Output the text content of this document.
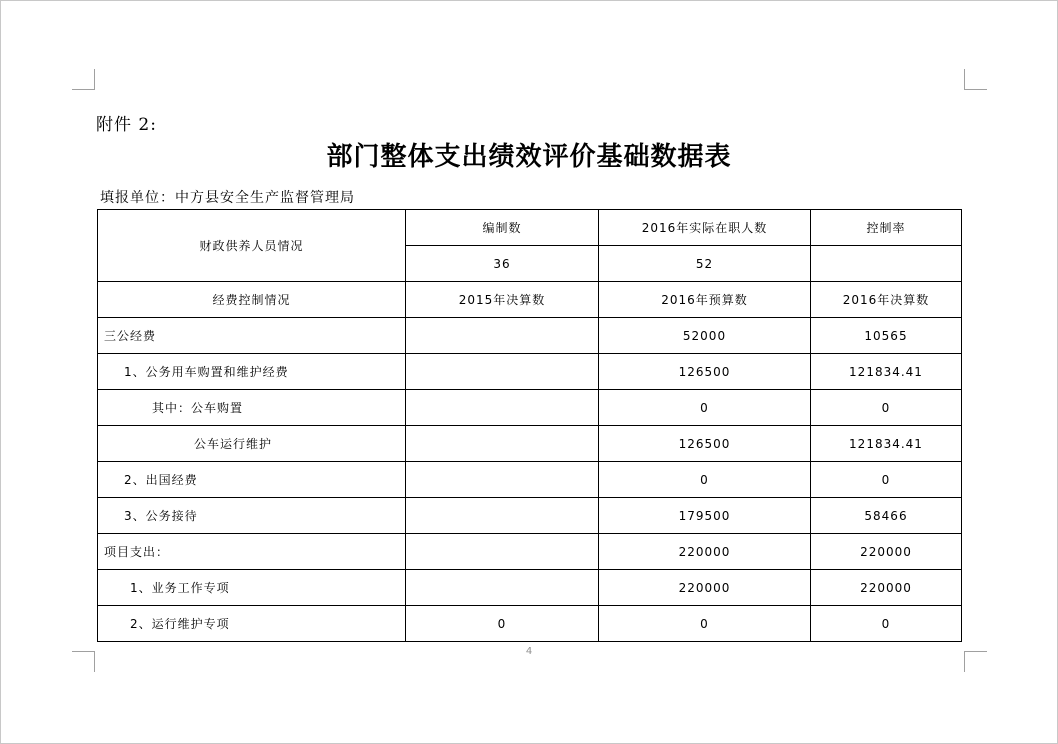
附件 2:
部门整体支出绩效评价基础数据表
填报单位：中方县安全生产监督管理局
财政供养人员情况	编制数	2016年实际在职人数	控制率
	36	52	
经费控制情况	2015年决算数	2016年预算数	2016年决算数
三公经费		52000	10565
1、公务用车购置和维护经费		126500	121834.41
其中：公车购置		0	0
公车运行维护		126500	121834.41
2、出国经费		0	0
3、公务接待		179500	58466
项目支出：		220000	220000
1、业务工作专项		220000	220000
2、运行维护专项	0	0	0
4
